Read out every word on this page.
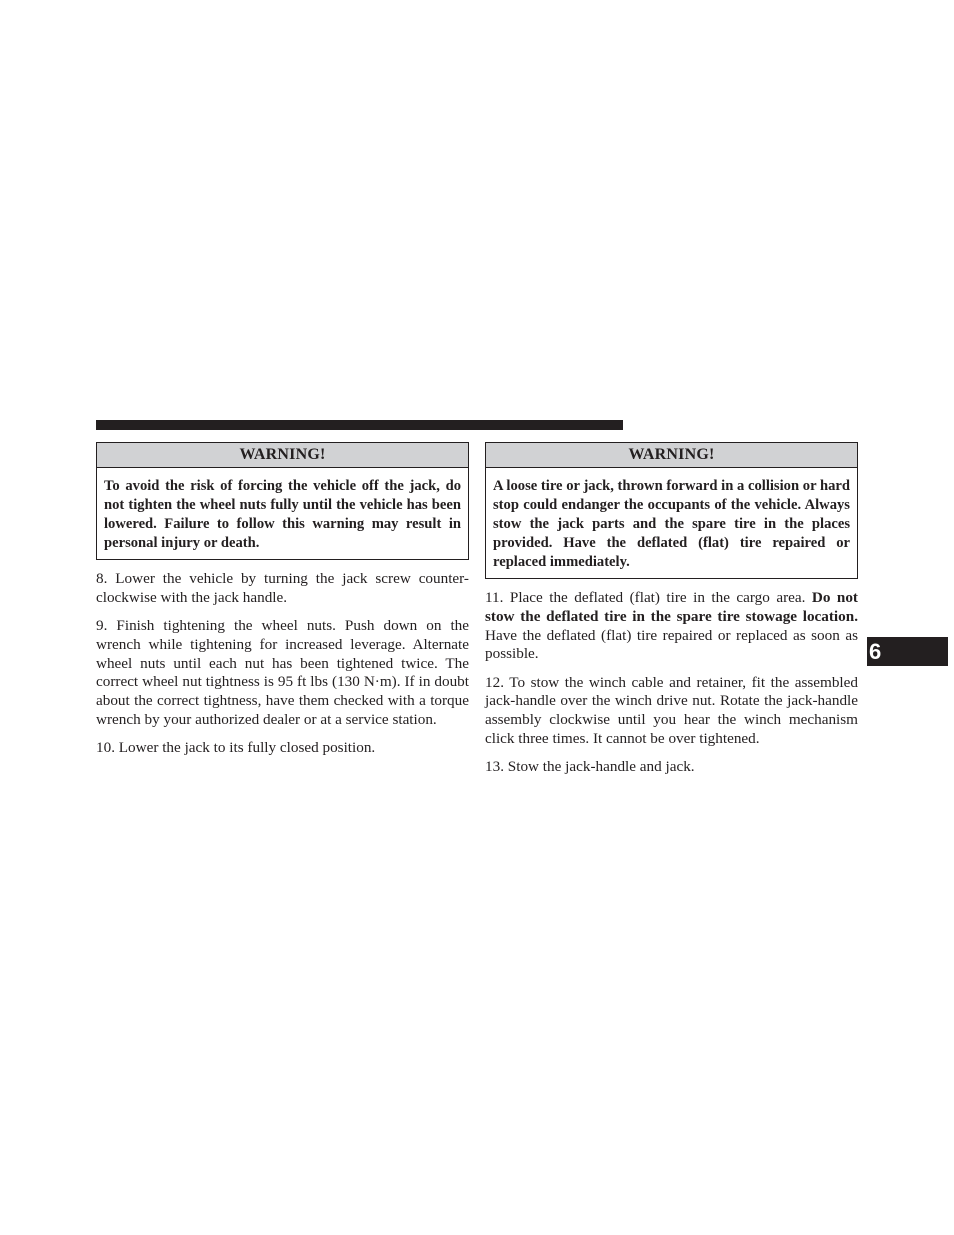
WARNING!
To avoid the risk of forcing the vehicle off the jack, do not tighten the wheel nuts fully until the vehicle has been lowered. Failure to follow this warning may result in personal injury or death.

8. Lower the vehicle by turning the jack screw counter-clockwise with the jack handle.

9. Finish tightening the wheel nuts. Push down on the wrench while tightening for increased leverage. Alternate wheel nuts until each nut has been tightened twice. The correct wheel nut tightness is 95 ft lbs (130 N·m). If in doubt about the correct tightness, have them checked with a torque wrench by your authorized dealer or at a service station.

10. Lower the jack to its fully closed position.

WARNING!
A loose tire or jack, thrown forward in a collision or hard stop could endanger the occupants of the vehicle. Always stow the jack parts and the spare tire in the places provided. Have the deflated (flat) tire repaired or replaced immediately.

11. Place the deflated (flat) tire in the cargo area. Do not stow the deflated tire in the spare tire stowage location. Have the deflated (flat) tire repaired or replaced as soon as possible.

12. To stow the winch cable and retainer, fit the assembled jack-handle over the winch drive nut. Rotate the jack-handle assembly clockwise until you hear the winch mechanism click three times. It cannot be over tightened.

13. Stow the jack-handle and jack.

6
